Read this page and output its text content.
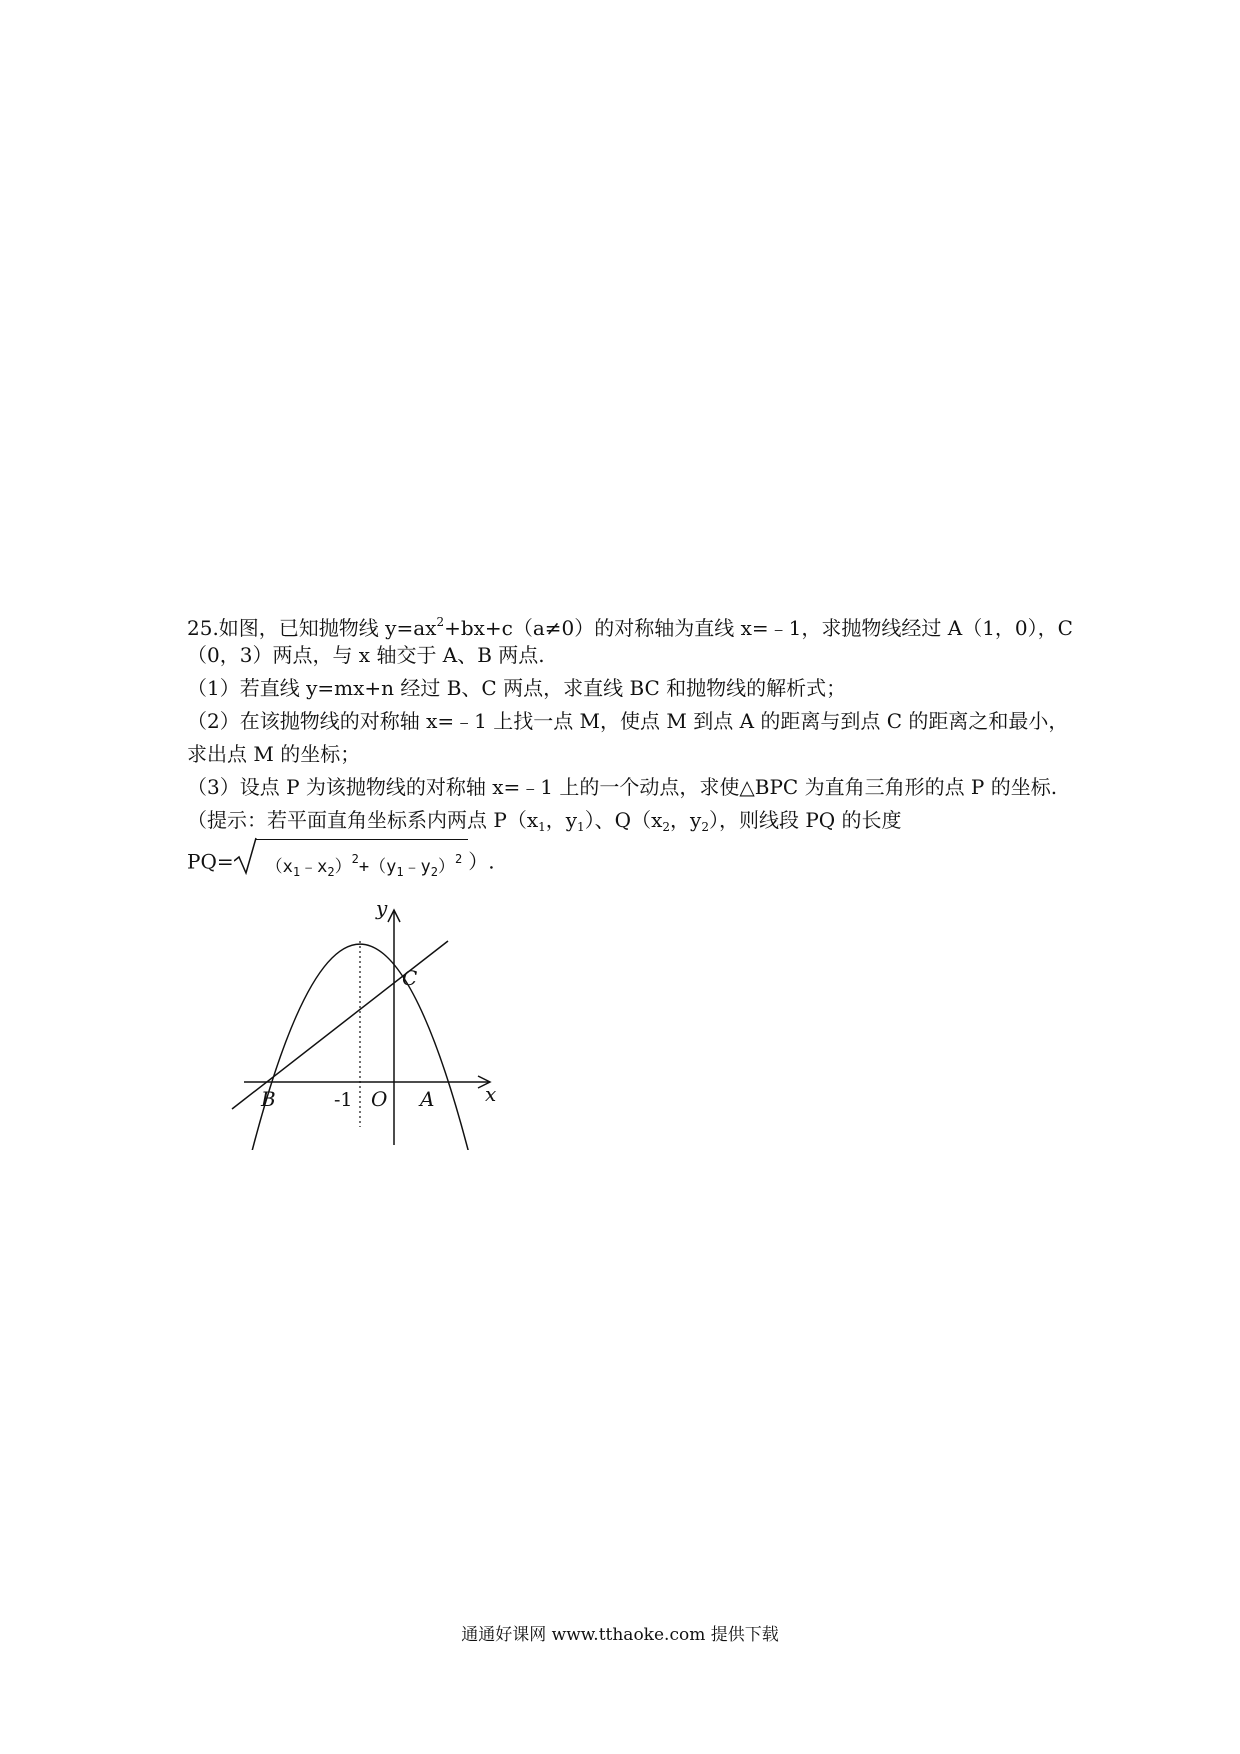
25.如图，已知抛物线 $y=ax^2+bx+c(a\ne 0)$的对称轴为直线 x=﹣1，求抛物线经过 A（1，0），C
（0，3）两点，与 x 轴交于 A、B 两点.
（1）若直线 y=mx+n 经过 B、C 两点，求直线 BC 和抛物线的解析式；
（2）在该抛物线的对称轴 x=﹣1 上找一点 M，使点 M 到点 A 的距离与到点 C 的距离之和最小，
求出点 M 的坐标；
（3）设点 P 为该抛物线的对称轴 x=﹣1 上的一个动点，求使△BPC 为直角三角形的点 P 的坐标.
（提示：若平面直角坐标系内两点 $P(x_1$，$y_1$）、$Q(x_2$，$y_2$），则线段 PQ 的长度
$PQ= (x_1﹣x_2)^2+(y_1﹣y_2)^2$ ）.
y
x
C
B	-1 O A
通通好课网 www.tthaoke.com 提供下载
